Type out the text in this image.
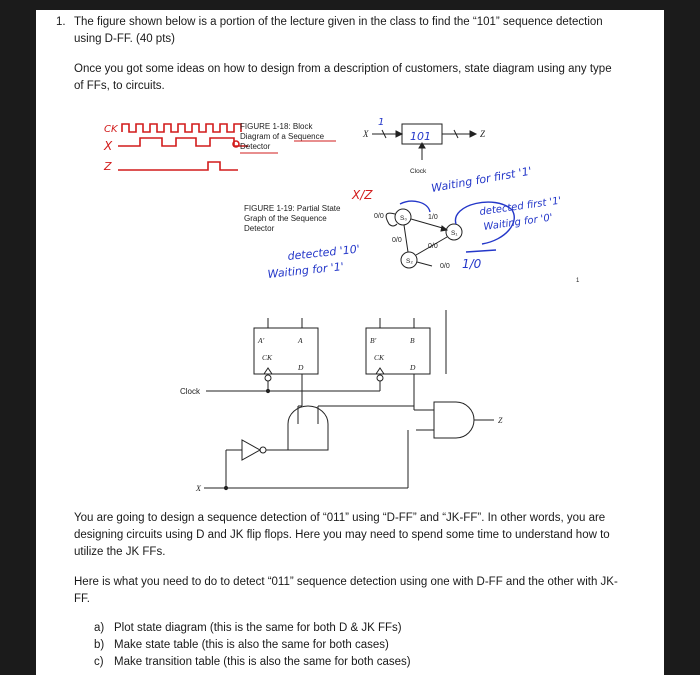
1. The figure shown below is a portion of the lecture given in the class to find the “101” sequence detection using D-FF. (40 pts)
Once you got some ideas on how to design from a description of customers, state diagram using any type of FFs, to circuits.
CK
X
Z
FIGURE 1-18: Block
Diagram of a Sequence
Detector
X	Z
Clock
101
1
FIGURE 1-19: Partial State
Graph of the Sequence
Detector
S₀
S₁
S₂
0/0	1/0
0/0
0/0
0/0
1
X/Z
Waiting for first '1'
detected first '1'
Waiting for '0'
detected '10'
Waiting for '1'	1/0
A'	A
CK
D
B'	B
CK
D
Clock
X
Z
You are going to design a sequence detection of “011” using “D-FF” and “JK-FF”. In other words, you are designing circuits using D and JK flip flops. Here you may need to spend some time to understand how to utilize the JK FFs.
Here is what you need to do to detect “011” sequence detection using one with D-FF and the other with JK-FF.
a) Plot state diagram (this is the same for both D & JK FFs)
b) Make state table (this is also the same for both cases)
c) Make transition table (this is also the same for both cases)
